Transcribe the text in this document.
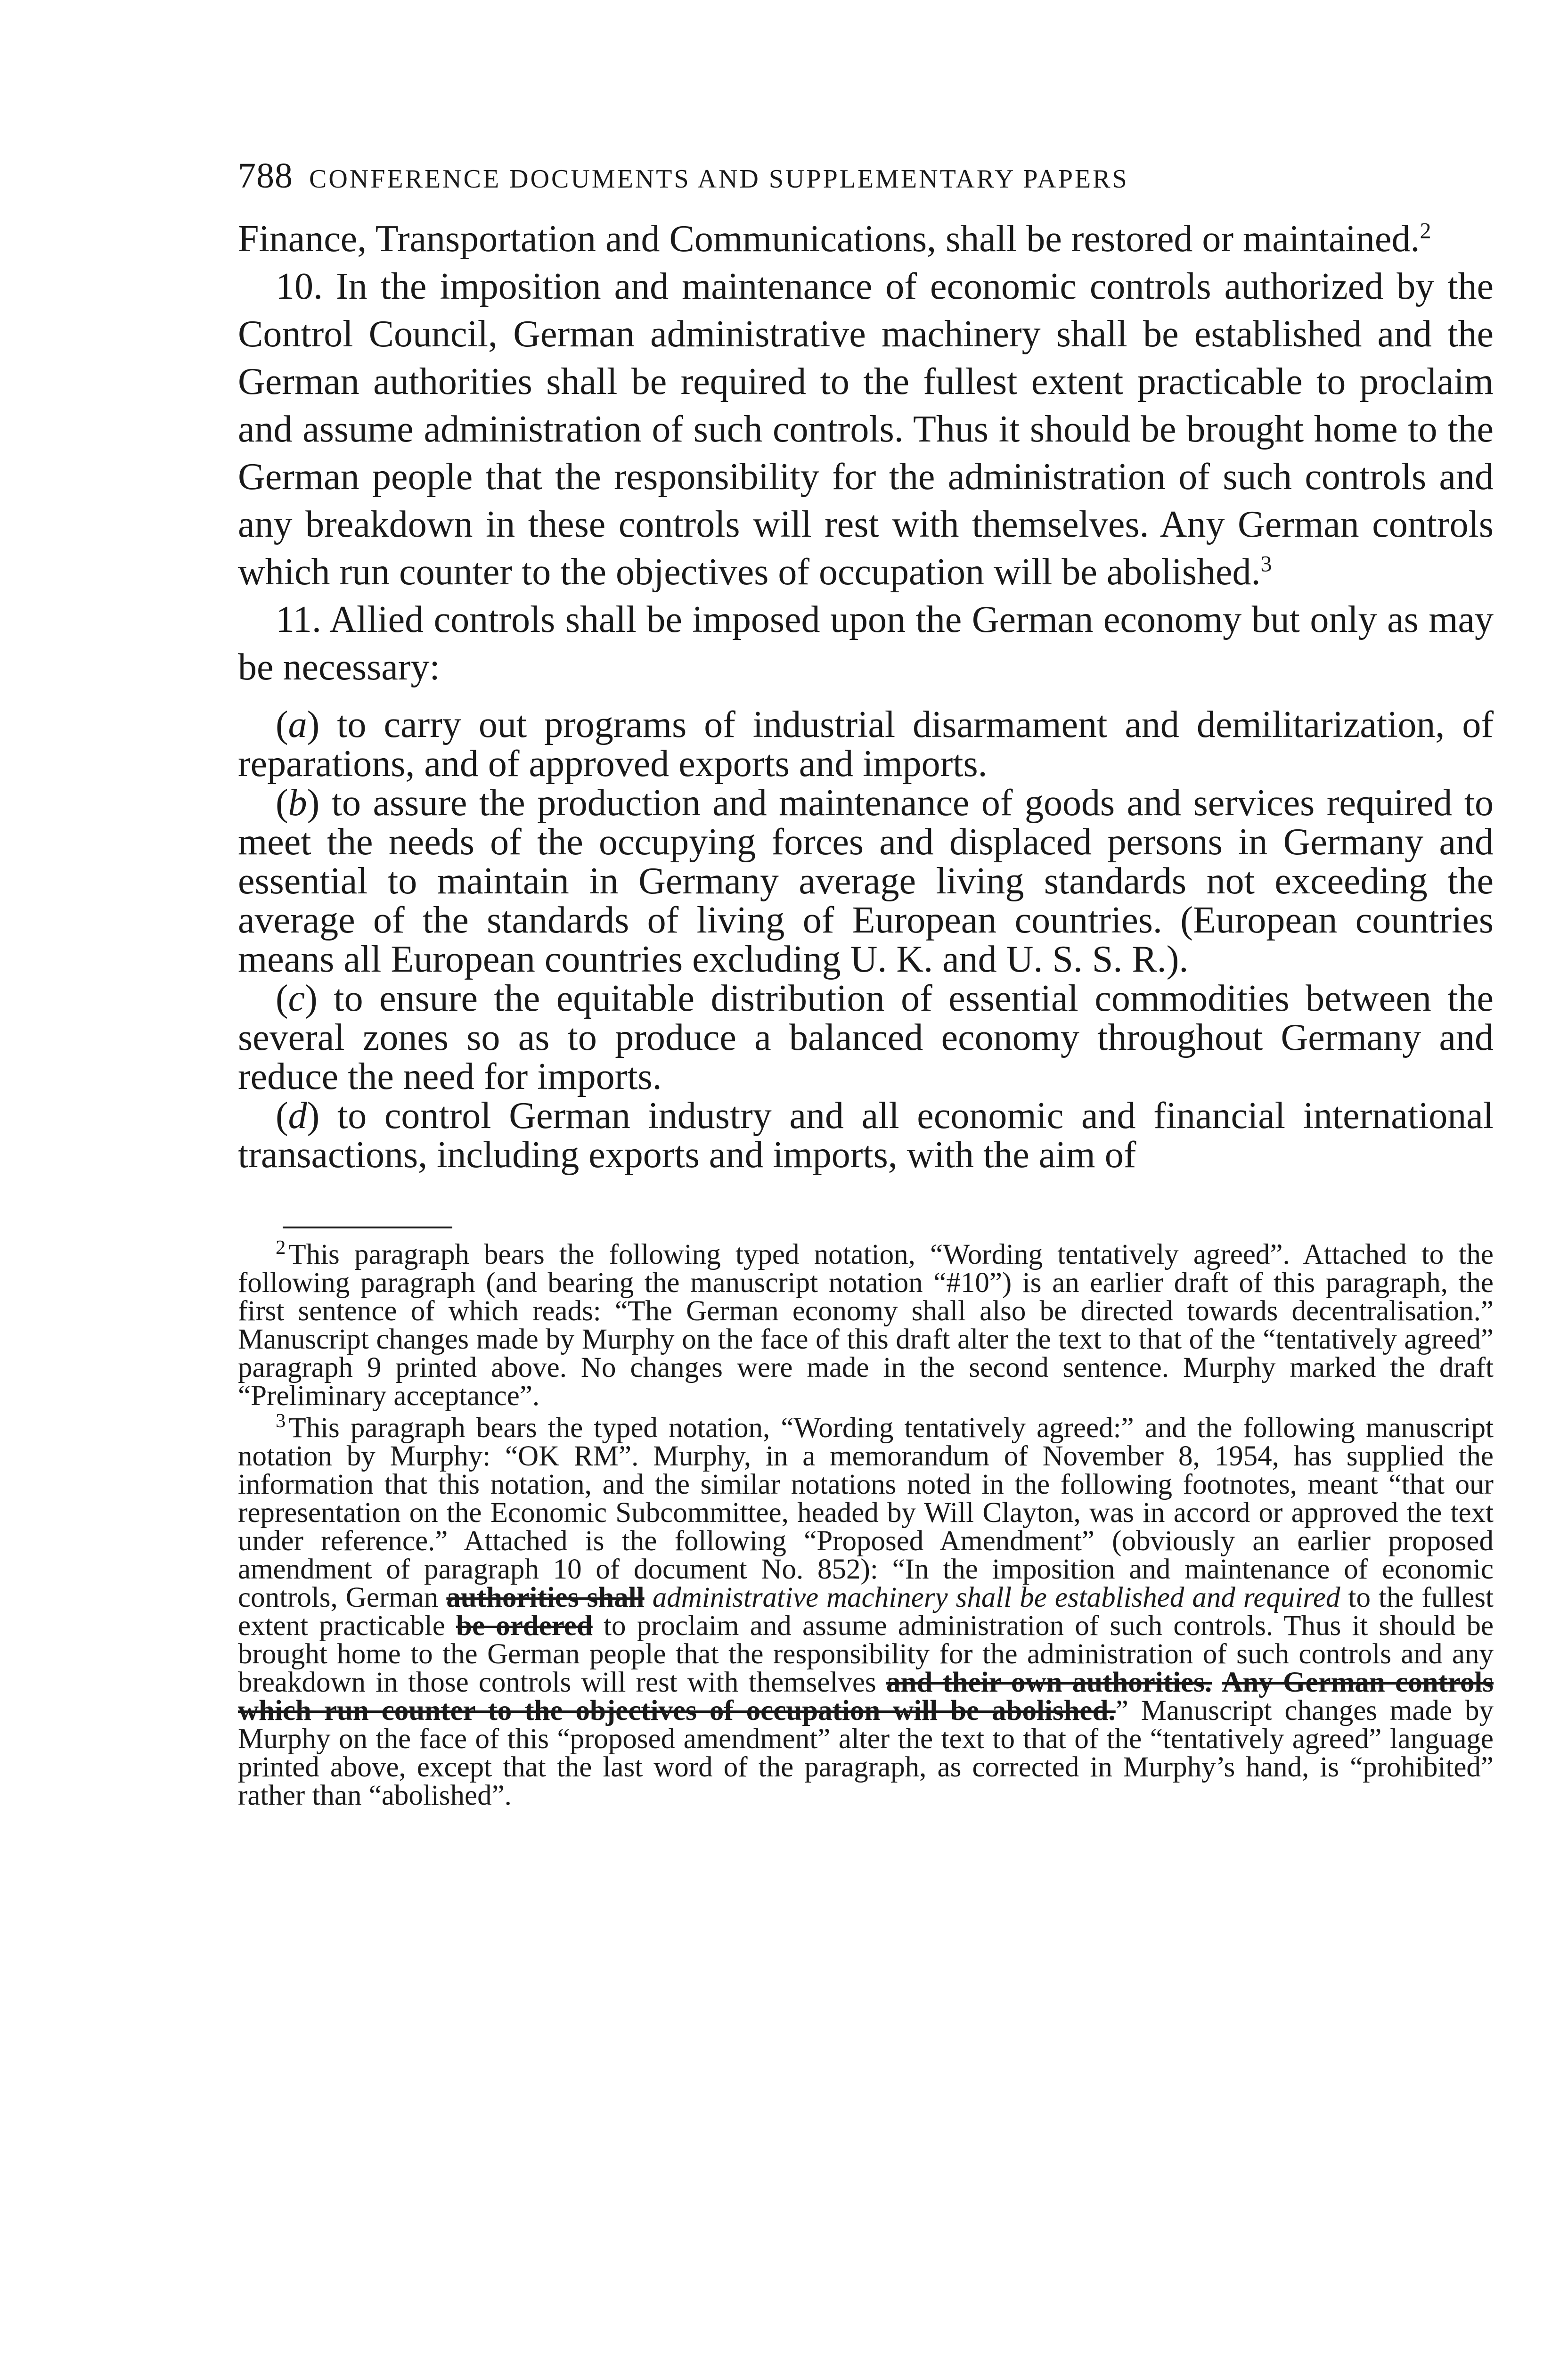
788 CONFERENCE DOCUMENTS AND SUPPLEMENTARY PAPERS

Finance, Transportation and Communications, shall be restored or maintained.$^2$

10. In the imposition and maintenance of economic controls authorized by the Control Council, German administrative machinery shall be established and the German authorities shall be required to the fullest extent practicable to proclaim and assume administration of such controls. Thus it should be brought home to the German people that the responsibility for the administration of such controls and any breakdown in these controls will rest with themselves. Any German controls which run counter to the objectives of occupation will be abolished.$^3$

11. Allied controls shall be imposed upon the German economy but only as may be necessary:

(a) to carry out programs of industrial disarmament and demilitarization, of reparations, and of approved exports and imports.

(b) to assure the production and maintenance of goods and services required to meet the needs of the occupying forces and displaced persons in Germany and essential to maintain in Germany average living standards not exceeding the average of the standards of living of European countries. (European countries means all European countries excluding U. K. and U. S. S. R.).

(c) to ensure the equitable distribution of essential commodities between the several zones so as to produce a balanced economy throughout Germany and reduce the need for imports.

(d) to control German industry and all economic and financial international transactions, including exports and imports, with the aim of

$^2$This paragraph bears the following typed notation, “Wording tentatively agreed”. Attached to the following paragraph (and bearing the manuscript notation “#10”) is an earlier draft of this paragraph, the first sentence of which reads: “The German economy shall also be directed towards decentralisation.” Manuscript changes made by Murphy on the face of this draft alter the text to that of the “tentatively agreed” paragraph 9 printed above. No changes were made in the second sentence. Murphy marked the draft “Preliminary acceptance”.

$^3$This paragraph bears the typed notation, “Wording tentatively agreed:” and the following manuscript notation by Murphy: “OK RM”. Murphy, in a memorandum of November 8, 1954, has supplied the information that this notation, and the similar notations noted in the following footnotes, meant “that our representation on the Economic Subcommittee, headed by Will Clayton, was in accord or approved the text under reference.” Attached is the following “Proposed Amendment” (obviously an earlier proposed amendment of paragraph 10 of document No. 852): “In the imposition and maintenance of economic controls, German authorities shall administrative machinery shall be established and required to the fullest extent practicable be ordered to proclaim and assume administration of such controls. Thus it should be brought home to the German people that the responsibility for the administration of such controls and any breakdown in those controls will rest with themselves and their own authorities. Any German controls which run counter to the objectives of occupation will be abolished.” Manuscript changes made by Murphy on the face of this “proposed amendment” alter the text to that of the “tentatively agreed” language printed above, except that the last word of the paragraph, as corrected in Murphy’s hand, is “prohibited” rather than “abolished”.
